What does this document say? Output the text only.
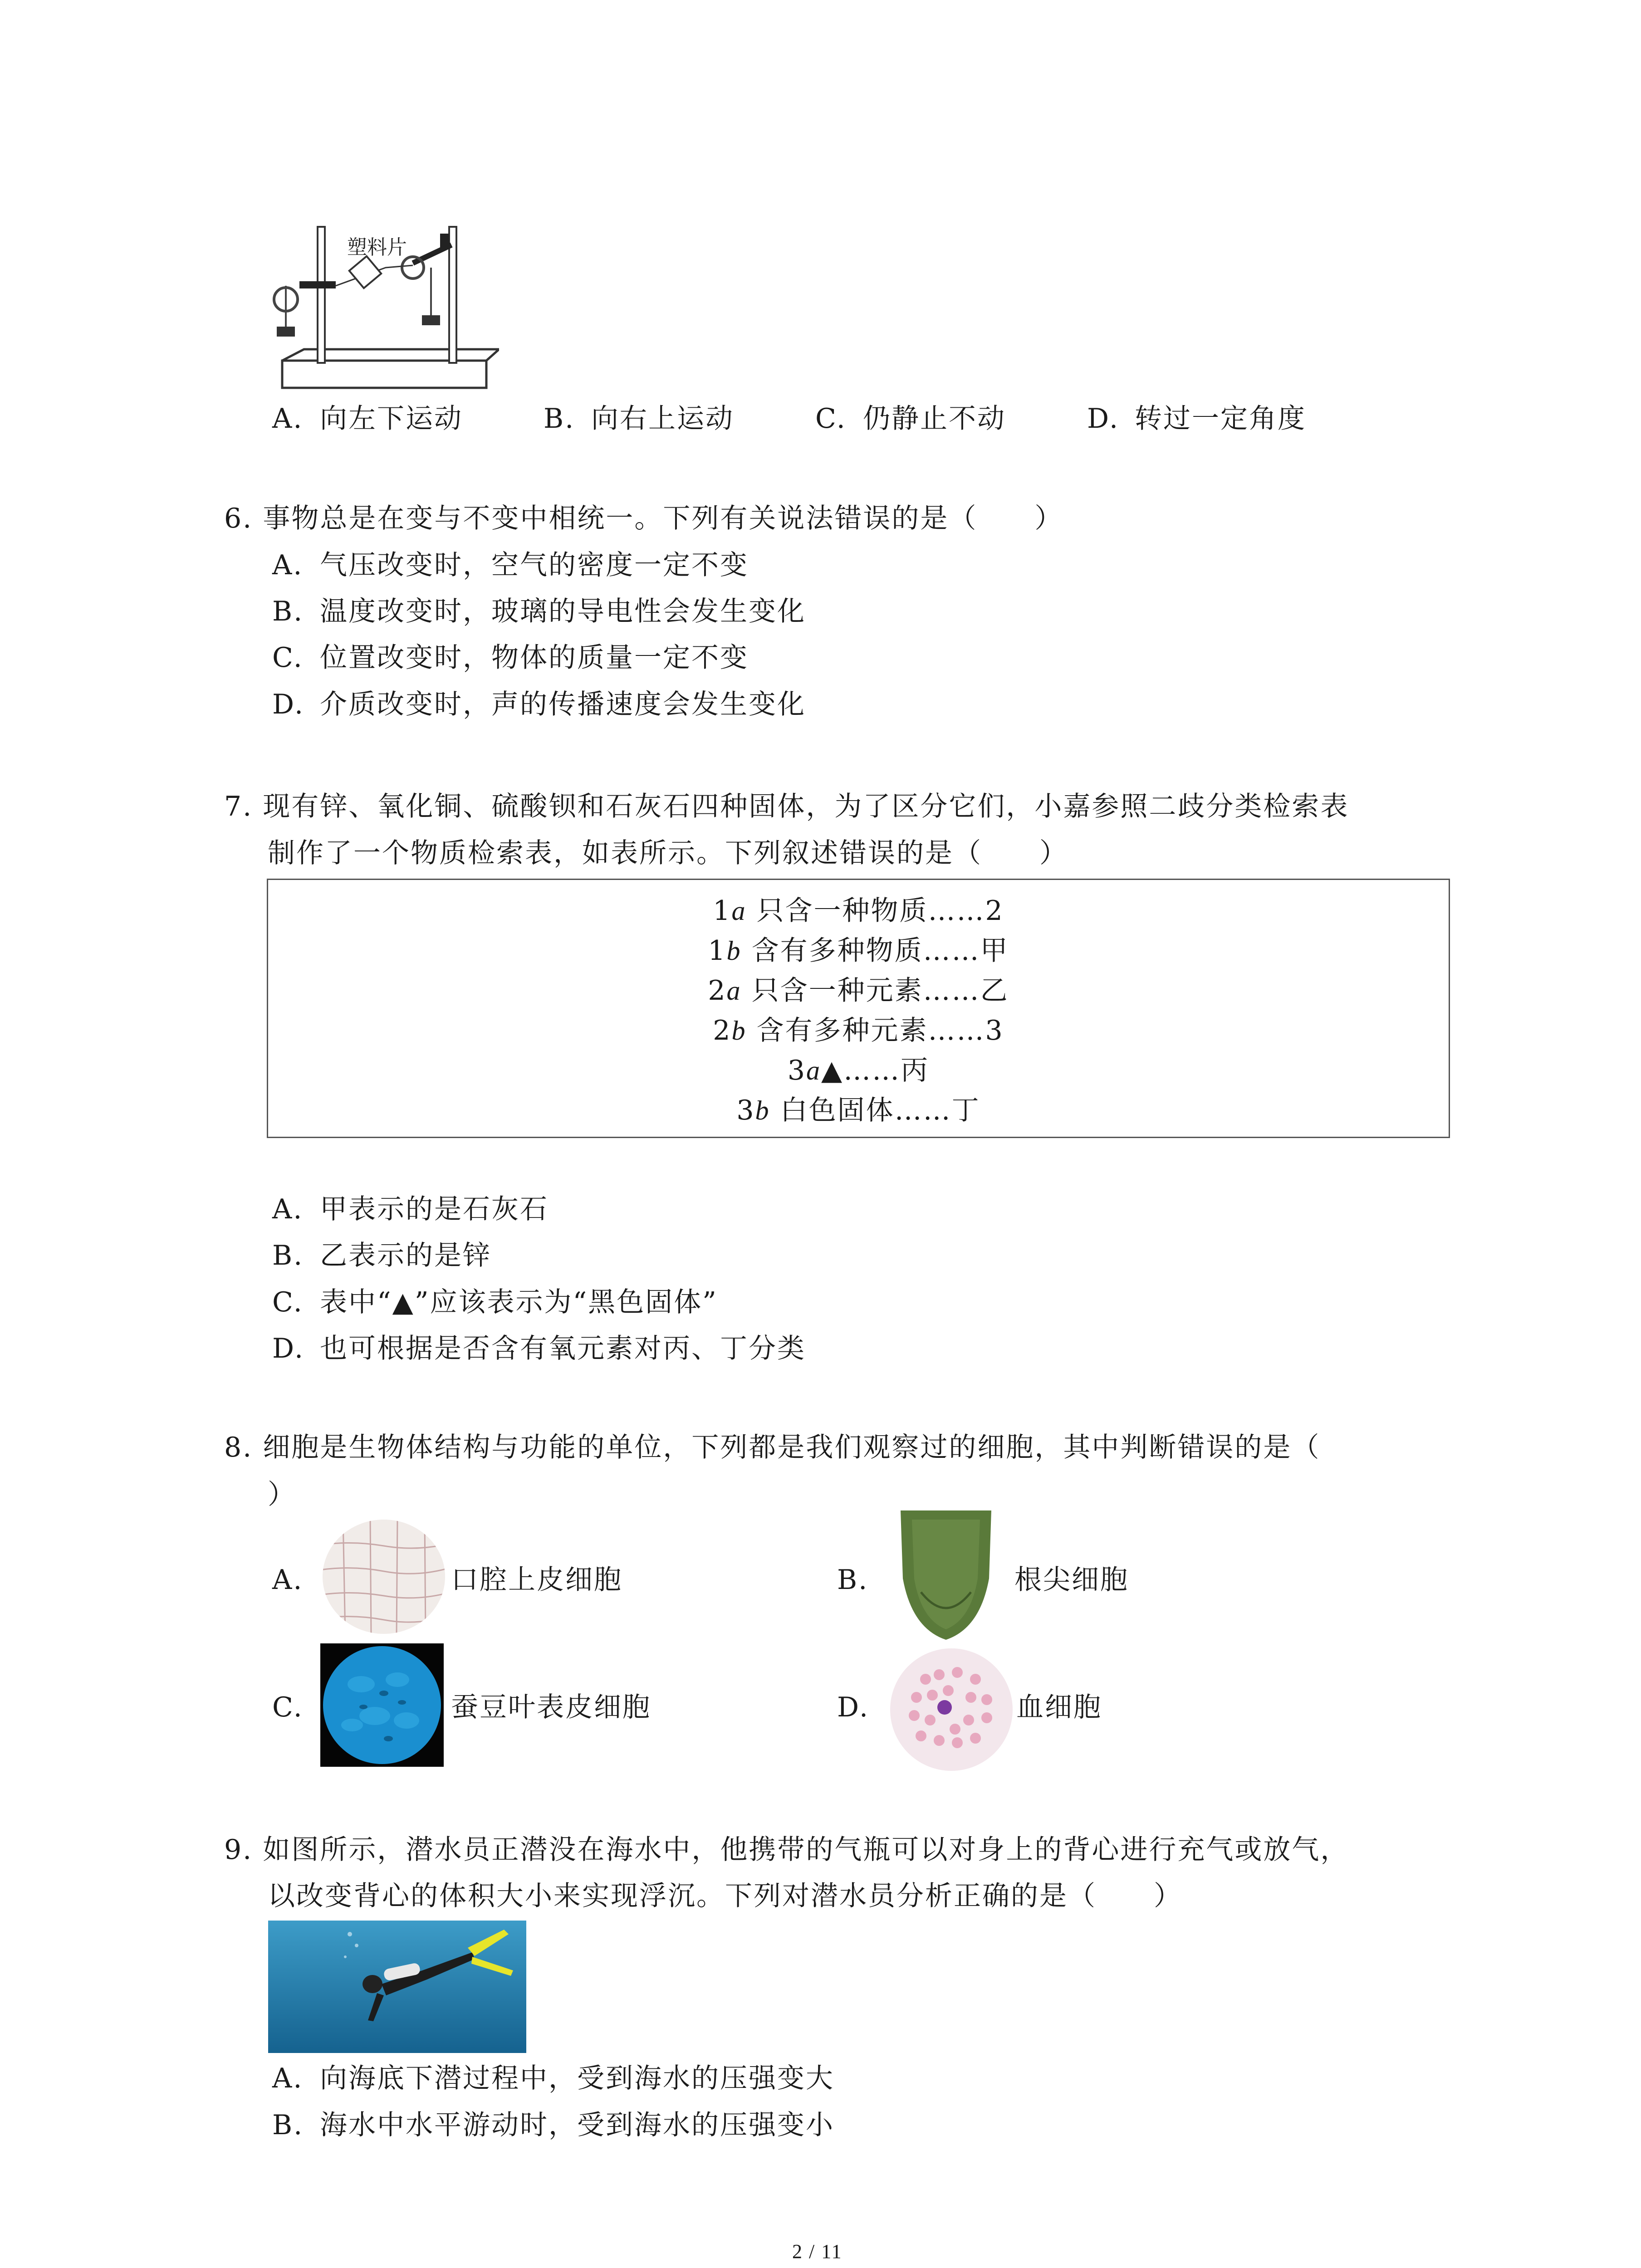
塑料片
A. 向左下运动	B. 向右上运动	C. 仍静止不动	D. 转过一定角度
6. 事物总是在变与不变中相统一。下列有关说法错误的是（　　）
A. 气压改变时，空气的密度一定不变
B. 温度改变时，玻璃的导电性会发生变化
C. 位置改变时，物体的质量一定不变
D. 介质改变时，声的传播速度会发生变化
7. 现有锌、氧化铜、硫酸钡和石灰石四种固体，为了区分它们，小嘉参照二歧分类检索表
制作了一个物质检索表，如表所示。下列叙述错误的是（　　）
1a 只含一种物质……2
1b 含有多种物质……甲
2a 只含一种元素……乙
2b 含有多种元素……3
3a▲……丙
3b 白色固体……丁
A. 甲表示的是石灰石
B. 乙表示的是锌
C. 表中“▲”应该表示为“黑色固体”
D. 也可根据是否含有氧元素对丙、丁分类
8. 细胞是生物体结构与功能的单位，下列都是我们观察过的细胞，其中判断错误的是（
）
A.	口腔上皮细胞	B.	根尖细胞
C.	蚕豆叶表皮细胞	D.	血细胞
9. 如图所示，潜水员正潜没在海水中，他携带的气瓶可以对身上的背心进行充气或放气，
以改变背心的体积大小来实现浮沉。下列对潜水员分析正确的是（　　）
A. 向海底下潜过程中，受到海水的压强变大
B. 海水中水平游动时，受到海水的压强变小
2 / 11
